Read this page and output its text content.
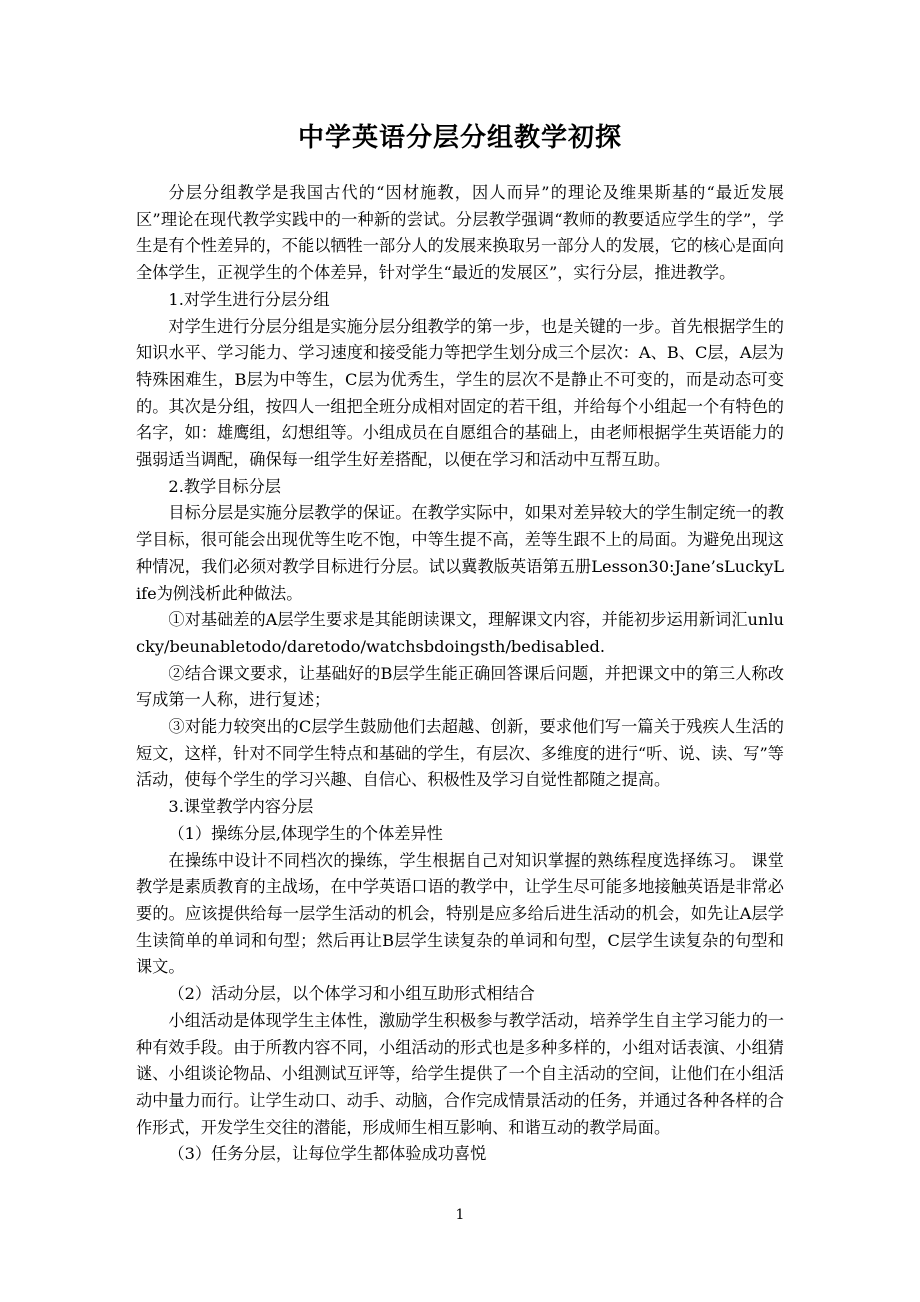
中学英语分层分组教学初探

分层分组教学是我国古代的“因材施教，因人而异”的理论及维果斯基的“最近发展区”理论在现代教学实践中的一种新的尝试。分层教学强调“教师的教要适应学生的学”，学生是有个性差异的，不能以牺牲一部分人的发展来换取另一部分人的发展，它的核心是面向全体学生，正视学生的个体差异，针对学生“最近的发展区”，实行分层，推进教学。

1.对学生进行分层分组

对学生进行分层分组是实施分层分组教学的第一步，也是关键的一步。首先根据学生的知识水平、学习能力、学习速度和接受能力等把学生划分成三个层次：A、B、C层，A层为特殊困难生，B层为中等生，C层为优秀生，学生的层次不是静止不可变的，而是动态可变的。其次是分组，按四人一组把全班分成相对固定的若干组，并给每个小组起一个有特色的名字，如：雄鹰组，幻想组等。小组成员在自愿组合的基础上，由老师根据学生英语能力的强弱适当调配，确保每一组学生好差搭配，以便在学习和活动中互帮互助。

2.教学目标分层

目标分层是实施分层教学的保证。在教学实际中，如果对差异较大的学生制定统一的教学目标，很可能会出现优等生吃不饱，中等生提不高，差等生跟不上的局面。为避免出现这种情况，我们必须对教学目标进行分层。试以冀教版英语第五册Lesson30:Jane’sLuckyLife为例浅析此种做法。

①对基础差的A层学生要求是其能朗读课文，理解课文内容，并能初步运用新词汇unlucky/beunabletodo/daretodo/watchsbdoingsth/bedisabled.

②结合课文要求，让基础好的B层学生能正确回答课后问题，并把课文中的第三人称改写成第一人称，进行复述；

③对能力较突出的C层学生鼓励他们去超越、创新，要求他们写一篇关于残疾人生活的短文，这样，针对不同学生特点和基础的学生，有层次、多维度的进行“听、说、读、写”等活动，使每个学生的学习兴趣、自信心、积极性及学习自觉性都随之提高。

3.课堂教学内容分层

（1）操练分层,体现学生的个体差异性

在操练中设计不同档次的操练，学生根据自己对知识掌握的熟练程度选择练习。 课堂教学是素质教育的主战场，在中学英语口语的教学中，让学生尽可能多地接触英语是非常必要的。应该提供给每一层学生活动的机会，特别是应多给后进生活动的机会，如先让A层学生读简单的单词和句型；然后再让B层学生读复杂的单词和句型，C层学生读复杂的句型和课文。

（2）活动分层，以个体学习和小组互助形式相结合

小组活动是体现学生主体性，激励学生积极参与教学活动，培养学生自主学习能力的一种有效手段。由于所教内容不同，小组活动的形式也是多种多样的，小组对话表演、小组猜谜、小组谈论物品、小组测试互评等，给学生提供了一个自主活动的空间，让他们在小组活动中量力而行。让学生动口、动手、动脑，合作完成情景活动的任务，并通过各种各样的合作形式，开发学生交往的潜能，形成师生相互影响、和谐互动的教学局面。

（3）任务分层，让每位学生都体验成功喜悦

1
